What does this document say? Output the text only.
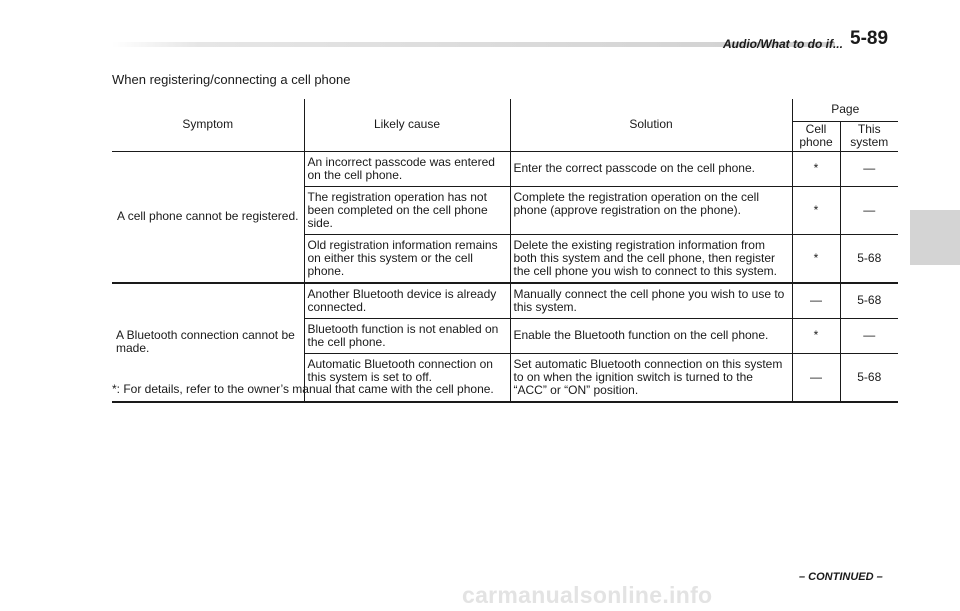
Audio/What to do if... 5-89
When registering/connecting a cell phone
Symptom	Likely cause	Solution	Page	
			Cell phone	This system
A cell phone cannot be registered.	An incorrect passcode was entered on the cell phone.	Enter the correct passcode on the cell phone.	*	—
	The registration operation has not been completed on the cell phone side.	Complete the registration operation on the cell phone (approve registration on the phone).	*	—
	Old registration information remains on either this system or the cell phone.	Delete the existing registration information from both this system and the cell phone, then register the cell phone you wish to connect to this system.	*	5-68
A Bluetooth connection cannot be made.	Another Bluetooth device is already connected.	Manually connect the cell phone you wish to use to this system.	—	5-68
	Bluetooth function is not enabled on the cell phone.	Enable the Bluetooth function on the cell phone.	*	—
	Automatic Bluetooth connection on this system is set to off.	Set automatic Bluetooth connection on this system to on when the ignition switch is turned to the “ACC” or “ON” position.	—	5-68
*: For details, refer to the owner’s manual that came with the cell phone.
– CONTINUED –
carmanualsonline.info
